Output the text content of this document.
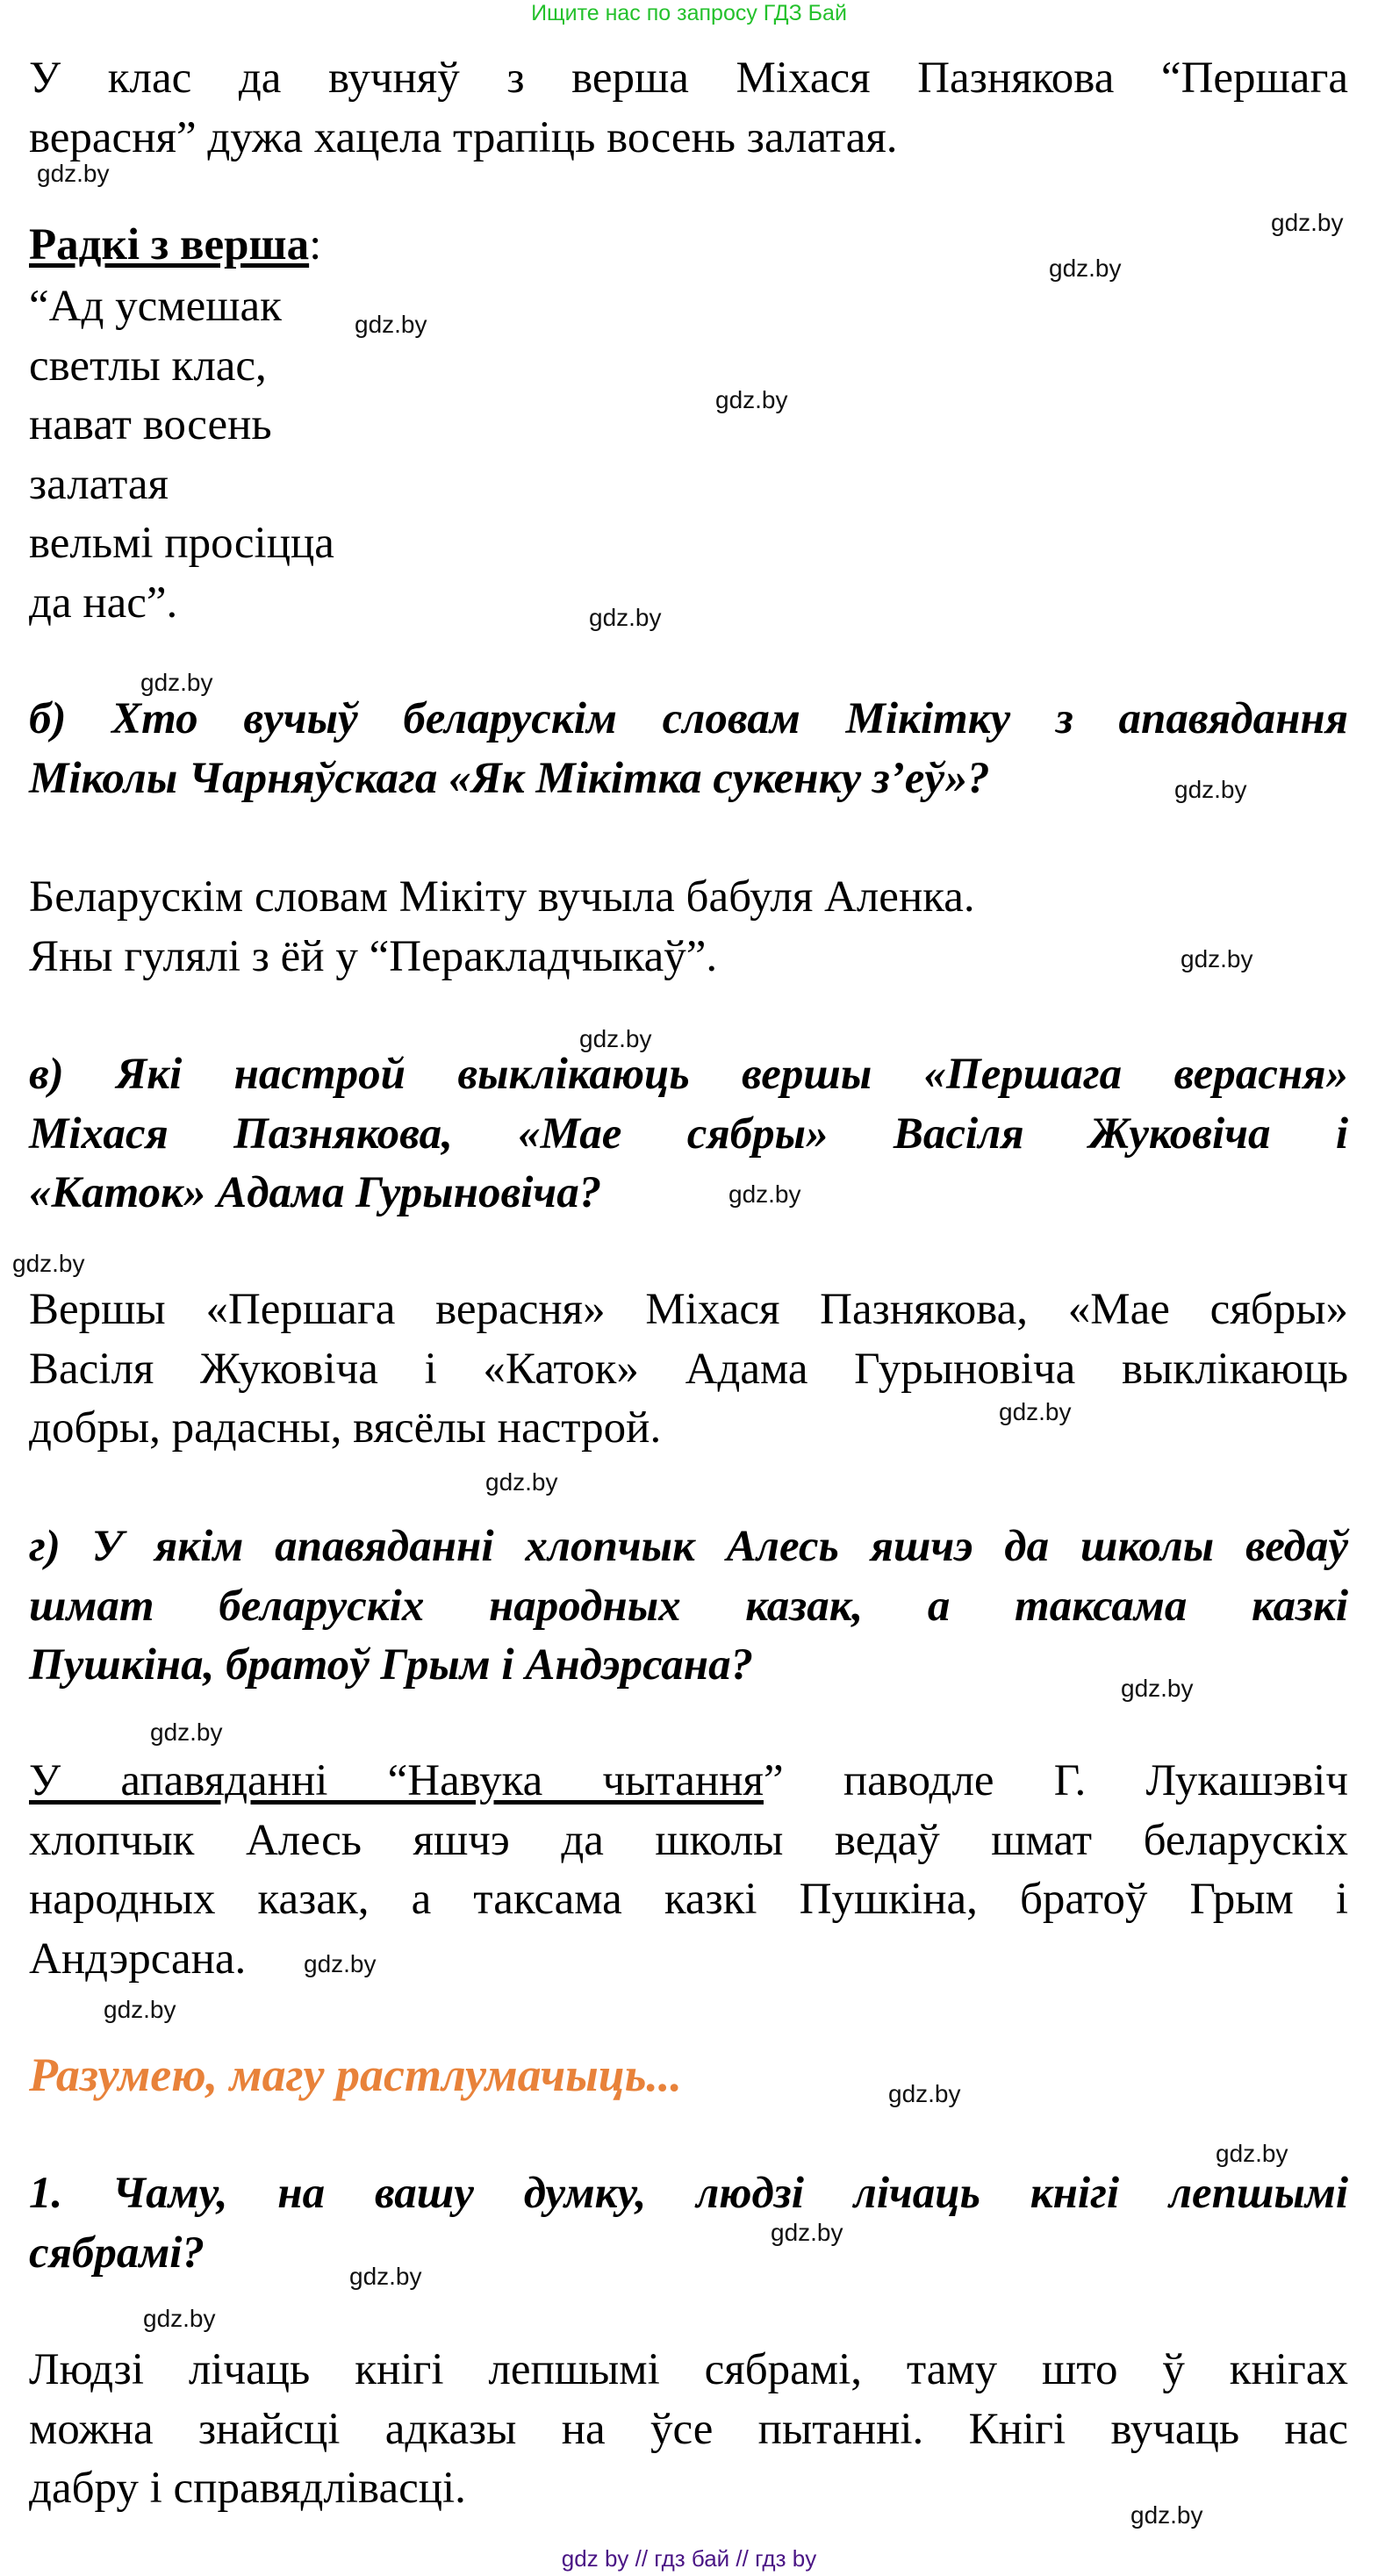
Ищите нас по запросу ГДЗ Бай
У клас да вучняў з верша Міхася Пазнякова “Першага
верасня” дужа хацела трапіць восень залатая.
Радкі з верша:
“Ад усмешак
светлы клас,
нават восень
залатая
вельмі просіцца
да нас”.
б) Хто вучыў беларускім словам Мікітку з апавядання
Міколы Чарняўскага «Як Мікітка сукенку з’еў»?
Беларускім словам Мікіту вучыла бабуля Аленка.
Яны гулялі з ёй у “Перакладчыкаў”.
в) Які настрой выклікаюць вершы «Першага верасня»
Міхася Пазнякова, «Мае сябры» Васіля Жуковіча і
«Каток» Адама Гурыновіча?
Вершы «Першага верасня» Міхася Пазнякова, «Мае сябры»
Васіля Жуковіча і «Каток» Адама Гурыновіча выклікаюць
добры, радасны, вясёлы настрой.
г) У якім апавяданні хлопчык Алесь яшчэ да школы ведаў
шмат беларускіх народных казак, а таксама казкі
Пушкіна, братоў Грым і Андэрсана?
У апавяданні “Навука чытання” паводле Г. Лукашэвіч
хлопчык Алесь яшчэ да школы ведаў шмат беларускіх
народных казак, а таксама казкі Пушкіна, братоў Грым і
Андэрсана.
Разумею, магу растлумачыць...
1. Чаму, на вашу думку, людзі лічаць кнігі лепшымі
сябрамі?
Людзі лічаць кнігі лепшымі сябрамі, таму што ў кнігах
можна знайсці адказы на ўсе пытанні. Кнігі вучаць нас
дабру і справядлівасці.
gdz.by
gdz.by
gdz.by
gdz.by
gdz.by
gdz.by
gdz.by
gdz.by
gdz.by
gdz.by
gdz.by
gdz.by
gdz.by
gdz.by
gdz.by
gdz.by
gdz.by
gdz.by
gdz.by
gdz.by
gdz.by
gdz.by
gdz.by
gdz.by
gdz by // гдз бай // гдз by
